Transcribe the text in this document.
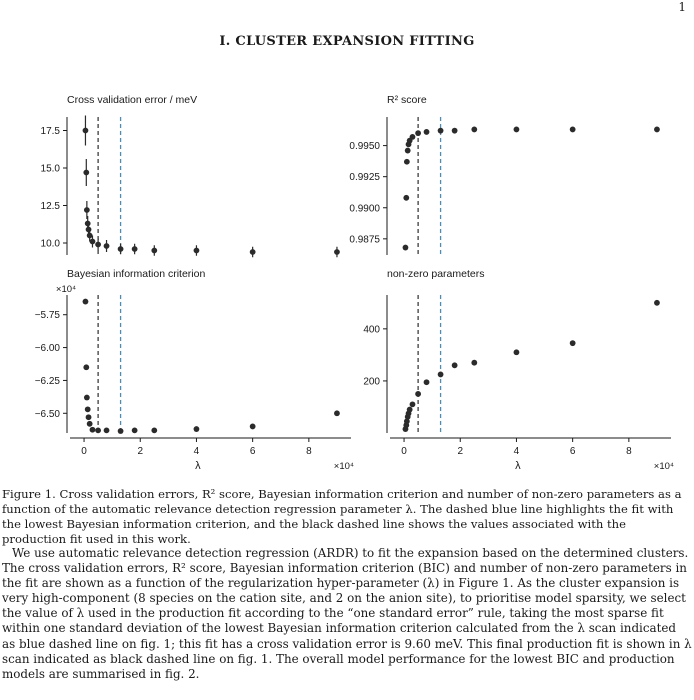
1
I. CLUSTER EXPANSION FITTING
Cross validation error / meV
10.0
12.5
15.0
17.5
R² score
0.9875
0.9900
0.9925
0.9950
Bayesian information criterion
−6.50
−6.25
−6.00
−5.75
×10⁴
0	2	4	6	8
λ	×10⁴
non-zero parameters
200
400
0	2	4	6	8
λ	×10⁴

Figure 1. Cross validation errors, R² score, Bayesian information criterion and number of non-zero parameters as a function of the automatic relevance detection regression parameter λ. The dashed blue line highlights the fit with the lowest Bayesian information criterion, and the black dashed line shows the values associated with the production fit used in this work.

We use automatic relevance detection regression (ARDR) to fit the expansion based on the determined clusters. The cross validation errors, R² score, Bayesian information criterion (BIC) and number of non-zero parameters in the fit are shown as a function of the regularization hyper-parameter (λ) in Figure 1. As the cluster expansion is very high-component (8 species on the cation site, and 2 on the anion site), to prioritise model sparsity, we select the value of λ used in the production fit according to the “one standard error” rule, taking the most sparse fit within one standard deviation of the lowest Bayesian information criterion calculated from the λ scan indicated as blue dashed line on fig. 1; this fit has a cross validation error is 9.60 meV. This final production fit is shown in λ scan indicated as black dashed line on fig. 1. The overall model performance for the lowest BIC and production models are summarised in fig. 2.
